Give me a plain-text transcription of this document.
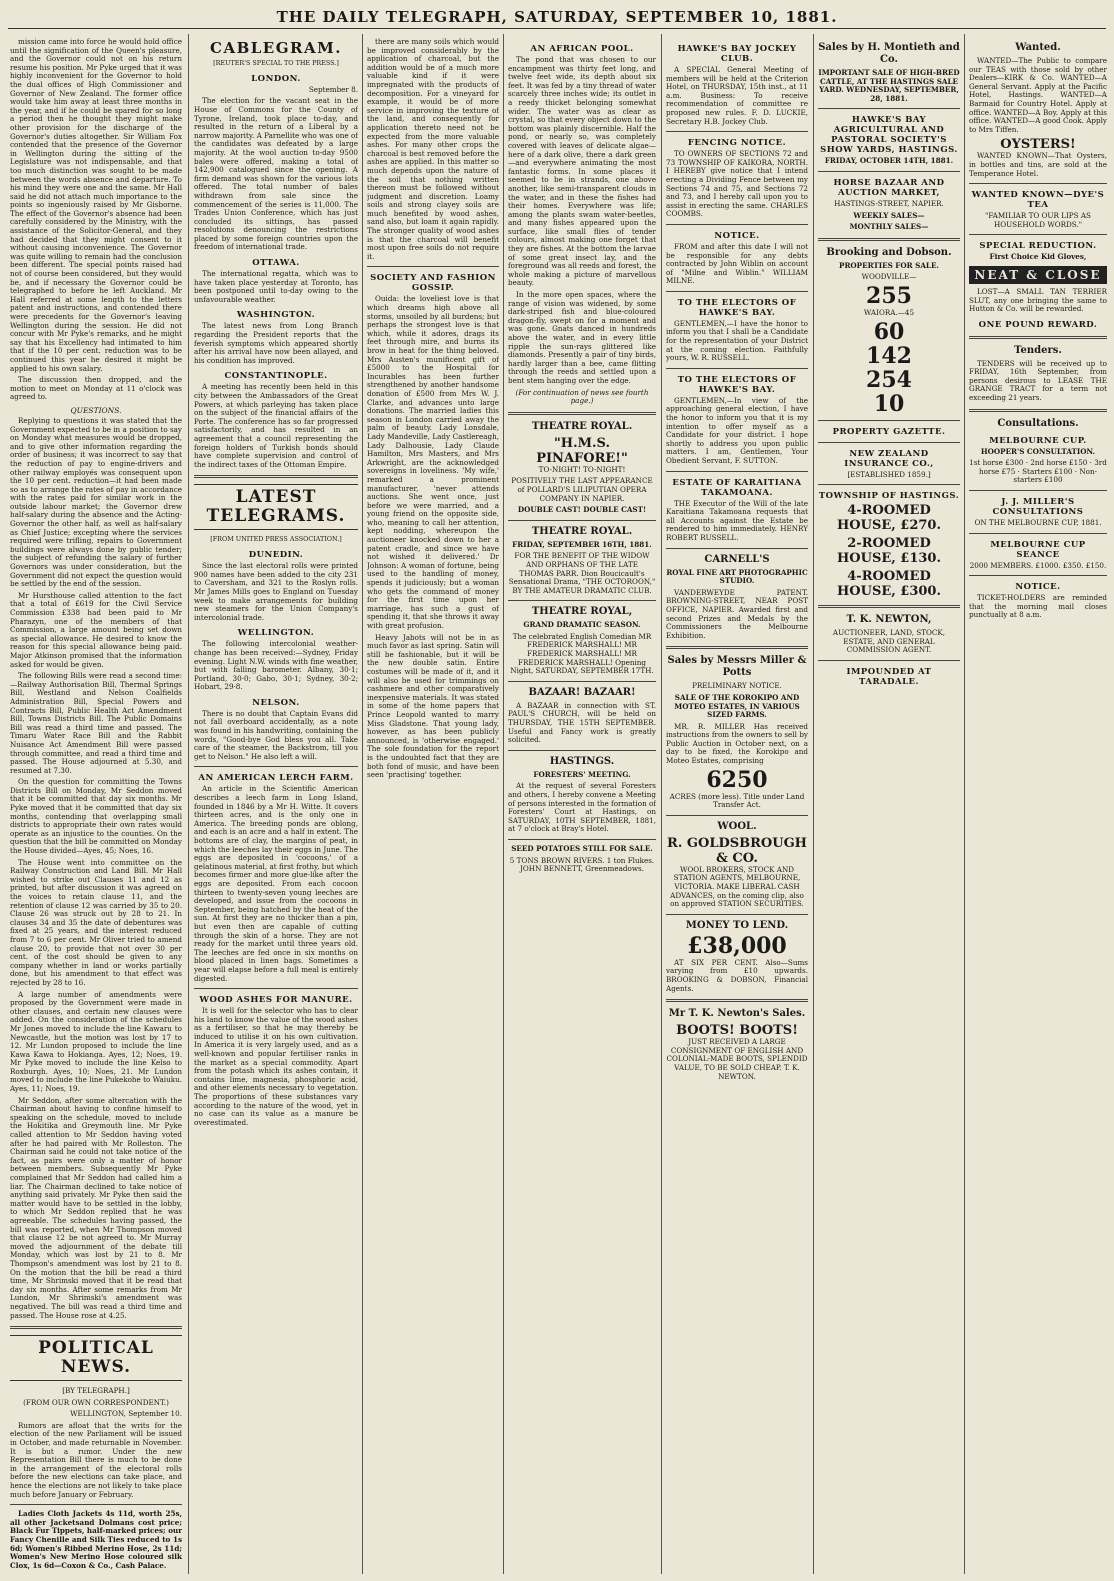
THE DAILY TELEGRAPH, SATURDAY, SEPTEMBER 10, 1881.

mission came into force he would hold office until the signification of the Queen's pleasure, and the Governor could not on his return resume his position. Mr Pyke urged that it was highly inconvenient for the Governor to hold the dual offices of High Commissioner and Governor of New Zealand. The former office would take him away at least three months in the year, and if he could be spared for so long a period then he thought they might make other provision for the discharge of the Governor's duties altogether. Sir William Fox contended that the presence of the Governor in Wellington during the sitting of the Legislature was not indispensable, and that too much distinction was sought to be made between the words absence and departure. To his mind they were one and the same. Mr Hall said he did not attach much importance to the points so ingeniously raised by Mr Gisborne. The effect of the Governor's absence had been carefully considered by the Ministry, with the assistance of the Solicitor-General, and they had decided that they might consent to it without causing inconvenience. The Governor was quite willing to remain had the conclusion been different. The special points raised had not of course been considered, but they would be, and if necessary the Governor could be telegraphed to before he left Auckland. Mr Hall referred at some length to the letters patent and instructions, and contended there were precedents for the Governor's leaving Wellington during the session. He did not concur with Mr Pyke's remarks, and he might say that his Excellency had intimated to him that if the 10 per cent. reduction was to be continued this year he desired it might be applied to his own salary.

The discussion then dropped, and the motion to meet on Monday at 11 o'clock was agreed to.

QUESTIONS.

Replying to questions it was stated that the Government expected to be in a position to say on Monday what measures would be dropped, and to give other information regarding the order of business; it was incorrect to say that the reduction of pay to engine-drivers and other railway employés was consequent upon the 10 per cent. reduction—it had been made so as to arrange the rates of pay in accordance with the rates paid for similar work in the outside labour market; the Governor drew half-salary during the absence and the Acting-Governor the other half, as well as half-salary as Chief Justice; excepting where the services required were trifling, repairs to Government buildings were always done by public tender; the subject of refunding the salary of further Governors was under consideration, but the Government did not expect the question would be settled by the end of the session.

Mr Hursthouse called attention to the fact that a total of £619 for the Civil Service Commission £338 had been paid to Mr Pharazyn, one of the members of that Commission, a large amount being set down as special allowance. He desired to know the reason for this special allowance being paid. Major Atkinson promised that the information asked for would be given.

The following Bills were read a second time:—Railway Authorisation Bill, Thermal Springs Bill, Westland and Nelson Coalfields Administration Bill, Special Powers and Contracts Bill, Public Health Act Amendment Bill, Towns Districts Bill. The Public Domains Bill was read a third time and passed. The Timaru Water Race Bill and the Rabbit Nuisance Act Amendment Bill were passed through committee, and read a third time and passed. The House adjourned at 5.30, and resumed at 7.30.

On the question for committing the Towns Districts Bill on Monday, Mr Seddon moved that it be committed that day six months. Mr Pyke moved that it be committed that day six months, contending that overlapping small districts to appropriate their own rates would operate as an injustice to the counties. On the question that the bill be committed on Monday the House divided—Ayes, 45; Noes, 16.

The House went into committee on the Railway Construction and Land Bill. Mr Hall wished to strike out Clauses 11 and 12 as printed, but after discussion it was agreed on the voices to retain clause 11, and the retention of clause 12 was carried by 35 to 20. Clause 26 was struck out by 28 to 21. In clauses 34 and 35 the date of debentures was fixed at 25 years, and the interest reduced from 7 to 6 per cent. Mr Oliver tried to amend clause 20, to provide that not over 30 per cent. of the cost should be given to any company whether in land or works partially done, but his amendment to that effect was rejected by 28 to 16.

A large number of amendments were proposed by the Government were made in other clauses, and certain new clauses were added. On the consideration of the schedules Mr Jones moved to include the line Kawaru to Newcastle, but the motion was lost by 17 to 12. Mr Lundon proposed to include the line Kawa Kawa to Hokianga. Ayes, 12; Noes, 19. Mr Pyke moved to include the line Kelso to Roxburgh. Ayes, 10; Noes, 21. Mr Lundon moved to include the line Pukekohe to Waiuku. Ayes, 11; Noes, 19.

Mr Seddon, after some altercation with the Chairman about having to confine himself to speaking on the schedule, moved to include the Hokitika and Greymouth line. Mr Pyke called attention to Mr Seddon having voted after he had paired with Mr Rolleston. The Chairman said he could not take notice of the fact, as pairs were only a matter of honor between members. Subsequently Mr Pyke complained that Mr Seddon had called him a liar. The Chairman declined to take notice of anything said privately. Mr Pyke then said the matter would have to be settled in the lobby, to which Mr Seddon replied that he was agreeable. The schedules having passed, the bill was reported, when Mr Thompson moved that clause 12 be not agreed to. Mr Murray moved the adjournment of the debate till Monday, which was lost by 21 to 8. Mr Thompson's amendment was lost by 21 to 8. On the motion that the bill be read a third time, Mr Shrimski moved that it be read that day six months. After some remarks from Mr Lundon, Mr Shrimski's amendment was negatived. The bill was read a third time and passed. The House rose at 4.25.

POLITICAL NEWS.

[BY TELEGRAPH.]

(FROM OUR OWN CORRESPONDENT.)

WELLINGTON, September 10.

Rumors are afloat that the writs for the election of the new Parliament will be issued in October, and made returnable in November. It is but a rumor. Under the new Representation Bill there is much to be done in the arrangement of the electoral rolls before the new elections can take place, and hence the elections are not likely to take place much before January or February.

Ladies Cloth Jackets 4s 11d, worth 25s, all other Jacketsand Dolmans cost price; Black Fur Tippets, half-marked prices; our Fancy Chenille and Silk Ties reduced to 1s 6d; Women's Ribbed Merino Hose, 2s 11d; Women's New Merino Hose coloured silk Clox, 1s 6d—Coxon & Co., Cash Palace.

CABLEGRAM.

[REUTER'S SPECIAL TO THE PRESS.]

LONDON.

September 8.

The election for the vacant seat in the House of Commons for the County of Tyrone, Ireland, took place to-day, and resulted in the return of a Liberal by a narrow majority. A Parnellite who was one of the candidates was defeated by a large majority. At the wool auction to-day 9500 bales were offered, making a total of 142,900 catalogued since the opening. A firm demand was shown for the various lots offered. The total number of bales withdrawn from sale since the commencement of the series is 11,000. The Trades Union Conference, which has just concluded its sittings, has passed resolutions denouncing the restrictions placed by some foreign countries upon the freedom of international trade.

OTTAWA.

The international regatta, which was to have taken place yesterday at Toronto, has been postponed until to-day owing to the unfavourable weather.

WASHINGTON.

The latest news from Long Branch regarding the President reports that the feverish symptoms which appeared shortly after his arrival have now been allayed, and his condition has improved.

CONSTANTINOPLE.

A meeting has recently been held in this city between the Ambassadors of the Great Powers, at which parleying has taken place on the subject of the financial affairs of the Porte. The conference has so far progressed satisfactorily, and has resulted in an agreement that a council representing the foreign holders of Turkish bonds should have complete supervision and control of the indirect taxes of the Ottoman Empire.

LATEST TELEGRAMS.

[FROM UNITED PRESS ASSOCIATION.]

DUNEDIN.

Since the last electoral rolls were printed 900 names have been added to the city 231 to Caversham, and 321 to the Roslyn rolls. Mr James Mills goes to England on Tuesday week to make arrangements for building new steamers for the Union Company's intercolonial trade.

WELLINGTON.

The following intercolonial weather-change has been received:—Sydney, Friday evening. Light N.W. winds with fine weather, but with falling barometer. Albany, 30·1; Portland, 30·0; Gabo, 30·1; Sydney, 30·2; Hobart, 29·8.

NELSON.

There is no doubt that Captain Evans did not fall overboard accidentally, as a note was found in his handwriting, containing the words, "Good-bye God bless you all. Take care of the steamer, the Backstrom, till you get to Nelson." He also left a will.

AN AMERICAN LERCH FARM.

An article in the Scientific American describes a leech farm in Long Island, founded in 1846 by a Mr H. Witte. It covers thirteen acres, and is the only one in America. The breeding ponds are oblong, and each is an acre and a half in extent. The bottoms are of clay, the margins of peat, in which the leeches lay their eggs in June. The eggs are deposited in 'cocoons,' of a gelatinous material, at first frothy, but which becomes firmer and more glue-like after the eggs are deposited. From each cocoon thirteen to twenty-seven young leeches are developed, and issue from the cocoons in September, being hatched by the heat of the sun. At first they are no thicker than a pin, but even then are capable of cutting through the skin of a horse. They are not ready for the market until three years old. The leeches are fed once in six months on blood placed in linen bags. Sometimes a year will elapse before a full meal is entirely digested.

WOOD ASHES FOR MANURE.

It is well for the selector who has to clear his land to know the value of the wood ashes as a fertiliser, so that he may thereby be induced to utilise it on his own cultivation. In America it is very largely used, and as a well-known and popular fertiliser ranks in the market as a special commodity. Apart from the potash which its ashes contain, it contains lime, magnesia, phosphoric acid, and other elements necessary to vegetation. The proportions of these substances vary according to the nature of the wood, yet in no case can its value as a manure be overestimated.

there are many soils which would be improved considerably by the application of charcoal, but the addition would be of a much more valuable kind if it were impregnated with the products of decomposition. For a vineyard for example, it would be of more service in improving the texture of the land, and consequently for application thereto need not be expected from the more valuable ashes. For many other crops the charcoal is best removed before the ashes are applied. In this matter so much depends upon the nature of the soil that nothing written thereon must be followed without judgment and discretion. Loamy soils and strong clayey soils are much benefited by wood ashes, sand also, but loam it again rapidly. The stronger quality of wood ashes is that the charcoal will benefit most upon free soils do not require it.

SOCIETY AND FASHION GOSSIP.

Ouida: the loveliest love is that which dreams high above all storms, unsoiled by all burdens; but perhaps the strongest love is that which, while it adores, drags its feet through mire, and burns its brow in heat for the thing beloved. Mrs Austen's munificent gift of £5000 to the Hospital for Incurables has been further strengthened by another handsome donation of £500 from Mrs W. J. Clarke, and advances unto large donations. The married ladies this season in London carried away the palm of beauty. Lady Lonsdale, Lady Mandeville, Lady Castlereagh, Lady Dalhousie, Lady Claude Hamilton, Mrs Masters, and Mrs Arkwright, are the acknowledged sovereigns in loveliness. 'My wife,' remarked a prominent manufacturer, 'never attends auctions. She went once, just before we were married, and a young friend on the opposite side, who, meaning to call her attention, kept nodding, whereupon the auctioneer knocked down to her a patent cradle, and since we have not wished it delivered.' Dr Johnson: A woman of fortune, being used to the handling of money, spends it judiciously; but a woman who gets the command of money for the first time upon her marriage, has such a gust of spending it, that she throws it away with great profusion.

Heavy Jabots will not be in as much favor as last spring. Satin will still be fashionable, but it will be the new double satin. Entire costumes will be made of it, and it will also be used for trimmings on cashmere and other comparatively inexpensive materials. It was stated in some of the home papers that Prince Leopold wanted to marry Miss Gladstone. That young lady, however, as has been publicly announced, is 'otherwise engaged.' The sole foundation for the report is the undoubted fact that they are both fond of music, and have been seen 'practising' together.

AN AFRICAN POOL.

The pond that was chosen to our encampment was thirty feet long, and twelve feet wide, its depth about six feet. It was fed by a tiny thread of water scarcely three inches wide; its outlet in a reedy thicket belonging somewhat wider. The water was as clear as crystal, so that every object down to the bottom was plainly discernible. Half the pond, or nearly so, was completely covered with leaves of delicate algae—here of a dark olive, there a dark green—and everywhere animating the most fantastic forms. In some places it seemed to be in strands, one above another, like semi-transparent clouds in the water, and in these the fishes had their homes. Everywhere was life; among the plants swam water-beetles, and many fishes appeared upon the surface, like small flies of tender colours, almost making one forget that they are fishes. At the bottom the larvae of some great insect lay, and the foreground was all reeds and forest, the whole making a picture of marvellous beauty.

In the more open spaces, where the range of vision was widened, by some dark-striped fish and blue-coloured dragon-fly, swept on for a moment and was gone. Gnats danced in hundreds above the water, and in every little ripple the sun-rays glittered like diamonds. Presently a pair of tiny birds, hardly larger than a bee, came flitting through the reeds and settled upon a bent stem hanging over the edge.

(For continuation of news see fourth page.)

THEATRE ROYAL.
"H.M.S. PINAFORE!"

TO-NIGHT! TO-NIGHT!

POSITIVELY THE LAST APPEARANCE of POLLARD'S LILIPUTIAN OPERA COMPANY IN NAPIER.

DOUBLE CAST! DOUBLE CAST!

THEATRE ROYAL.

FRIDAY, SEPTEMBER 16TH, 1881.

FOR THE BENEFIT OF THE WIDOW AND ORPHANS OF THE LATE THOMAS PARR. Dion Boucicault's Sensational Drama, "THE OCTOROON," BY THE AMATEUR DRAMATIC CLUB.

THEATRE ROYAL,

GRAND DRAMATIC SEASON.

The celebrated English Comedian MR FREDERICK MARSHALL! MR FREDERICK MARSHALL! MR FREDERICK MARSHALL! Opening Night, SATURDAY, SEPTEMBER 17TH.

BAZAAR! BAZAAR!

A BAZAAR in connection with ST. PAUL'S CHURCH, will be held on THURSDAY, THE 15TH SEPTEMBER. Useful and Fancy work is greatly solicited.

HASTINGS.

FORESTERS' MEETING.

At the request of several Foresters and others, I hereby convene a Meeting of persons interested in the formation of Foresters' Court at Hastings, on SATURDAY, 10TH SEPTEMBER, 1881, at 7 o'clock at Bray's Hotel.

SEED POTATOES STILL FOR SALE.

5 TONS BROWN RIVERS. 1 ton Flukes. JOHN BENNETT, Greenmeadows.

HAWKE'S BAY JOCKEY CLUB.

A SPECIAL General Meeting of members will be held at the Criterion Hotel, on THURSDAY, 15th inst., at 11 a.m. Business: To receive recommendation of committee re proposed new rules. F. D. LUCKIE, Secretary H.B. Jockey Club.

FENCING NOTICE.

TO OWNERS OF SECTIONS 72 and 73 TOWNSHIP OF KAIKORA, NORTH. I HEREBY give notice that I intend erecting a Dividing Fence between my Sections 74 and 75, and Sections 72 and 73, and I hereby call upon you to assist in erecting the same. CHARLES COOMBS.

NOTICE.

FROM and after this date I will not be responsible for any debts contracted by John Wiblin on account of "Milne and Wiblin." WILLIAM MILNE.

TO THE ELECTORS OF HAWKE'S BAY.

GENTLEMEN,—I have the honor to inform you that I shall be a Candidate for the representation of your District at the coming election. Faithfully yours, W. R. RUSSELL.

TO THE ELECTORS OF HAWKE'S BAY.

GENTLEMEN,—In view of the approaching general election, I have the honor to inform you that it is my intention to offer myself as a Candidate for your district. I hope shortly to address you upon public matters. I am, Gentlemen, Your Obedient Servant, F. SUTTON.

ESTATE OF KARAITIANA TAKAMOANA.

THE Executor of the Will of the late Karaitiana Takamoana requests that all Accounts against the Estate be rendered to him immediately. HENRY ROBERT RUSSELL.

CARNELL'S

ROYAL FINE ART PHOTOGRAPHIC STUDIO.

VANDERWEYDE PATENT. BROWNING-STREET, NEAR POST OFFICE, NAPIER. Awarded first and second Prizes and Medals by the Commissioners the Melbourne Exhibition.

Sales by Messrs Miller & Potts

PRELIMINARY NOTICE.

SALE OF THE KOROKIPO AND MOTEO ESTATES, IN VARIOUS SIZED FARMS.

MR. R. MILLER Has received instructions from the owners to sell by Public Auction in October next, on a day to be fixed, the Korokipo and Moteo Estates, comprising

6250

ACRES (more less). Title under Land Transfer Act.

WOOL.
R. GOLDSBROUGH & CO.

WOOL BROKERS, STOCK AND STATION AGENTS, MELBOURNE, VICTORIA. MAKE LIBERAL CASH ADVANCES, on the coming clip, also on approved STATION SECURITIES.

MONEY TO LEND.
£38,000

AT SIX PER CENT. Also—Sums varying from £10 upwards. BROOKING & DOBSON, Financial Agents.

Mr T. K. Newton's Sales.
BOOTS! BOOTS!

JUST RECEIVED A LARGE CONSIGNMENT OF ENGLISH AND COLONIAL-MADE BOOTS, SPLENDID VALUE, TO BE SOLD CHEAP. T. K. NEWTON.

Sales by H. Montieth and Co.

IMPORTANT SALE OF HIGH-BRED CATTLE, AT THE HASTINGS SALE YARD. WEDNESDAY, SEPTEMBER, 28, 1881.

HAWKE'S BAY AGRICULTURAL AND PASTORAL SOCIETY'S SHOW YARDS, HASTINGS.

FRIDAY, OCTOBER 14TH, 1881.

HORSE BAZAAR AND AUCTION MARKET,

HASTINGS-STREET, NAPIER.

WEEKLY SALES—

MONTHLY SALES—

Brooking and Dobson.

PROPERTIES FOR SALE.

WOODVILLE—

255

WAIORA.—45

60
142
254
10
PROPERTY GAZETTE.
NEW ZEALAND INSURANCE CO.,

[ESTABLISHED 1859.]

TOWNSHIP OF HASTINGS.

4-ROOMED HOUSE, £270.

2-ROOMED HOUSE, £130.

4-ROOMED HOUSE, £300.

T. K. NEWTON,

AUCTIONEER, LAND, STOCK, ESTATE, AND GENERAL COMMISSION AGENT.

IMPOUNDED AT TARADALE.
Wanted.

WANTED—The Public to compare our TEAS with those sold by other Dealers—KIRK & Co. WANTED—A General Servant. Apply at the Pacific Hotel, Hastings. WANTED—A Barmaid for Country Hotel. Apply at office. WANTED—A Boy. Apply at this office. WANTED—A good Cook. Apply to Mrs Tiffen.

OYSTERS!

WANTED KNOWN—That Oysters, in bottles and tins, are sold at the Temperance Hotel.

WANTED KNOWN—DYE'S TEA

"FAMILIAR TO OUR LIPS AS HOUSEHOLD WORDS."

SPECIAL REDUCTION.

First Choice Kid Gloves,

NEAT & CLOSE

LOST—A SMALL TAN TERRIER SLUT, any one bringing the same to Hutton & Co. will be rewarded.

ONE POUND REWARD.
Tenders.

TENDERS will be received up to FRIDAY, 16th September, from persons desirous to LEASE THE GRANGE TRACT for a term not exceeding 21 years.

Consultations.
MELBOURNE CUP.

HOOPER'S CONSULTATION.

1st horse £300 · 2nd horse £150 · 3rd horse £75 · Starters £100 · Non-starters £100

J. J. MILLER'S CONSULTATIONS

ON THE MELBOURNE CUP, 1881.

MELBOURNE CUP SEANCE

2000 MEMBERS. £1000. £350. £150.

NOTICE.

TICKET-HOLDERS are reminded that the morning mail closes punctually at 8 a.m.
